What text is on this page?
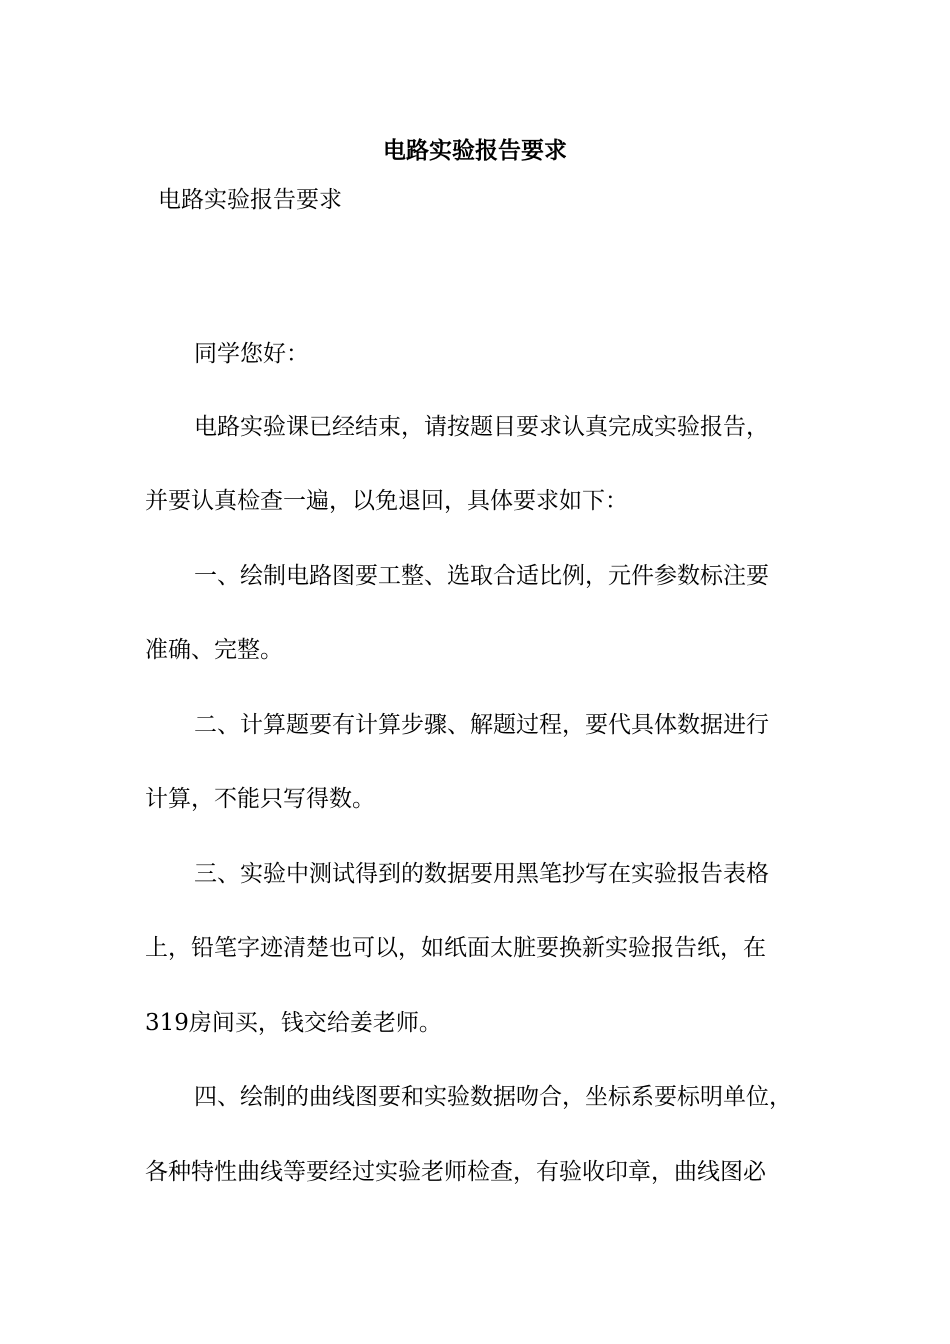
电路实验报告要求
电路实验报告要求
同学您好：
电路实验课已经结束，请按题目要求认真完成实验报告，
并要认真检查一遍，以免退回，具体要求如下：
一、绘制电路图要工整、选取合适比例，元件参数标注要
准确、完整。
二、计算题要有计算步骤、解题过程，要代具体数据进行
计算，不能只写得数。
三、实验中测试得到的数据要用黑笔抄写在实验报告表格
上，铅笔字迹清楚也可以，如纸面太脏要换新实验报告纸，在
319房间买，钱交给姜老师。
四、绘制的曲线图要和实验数据吻合，坐标系要标明单位，
各种特性曲线等要经过实验老师检查，有验收印章，曲线图必
